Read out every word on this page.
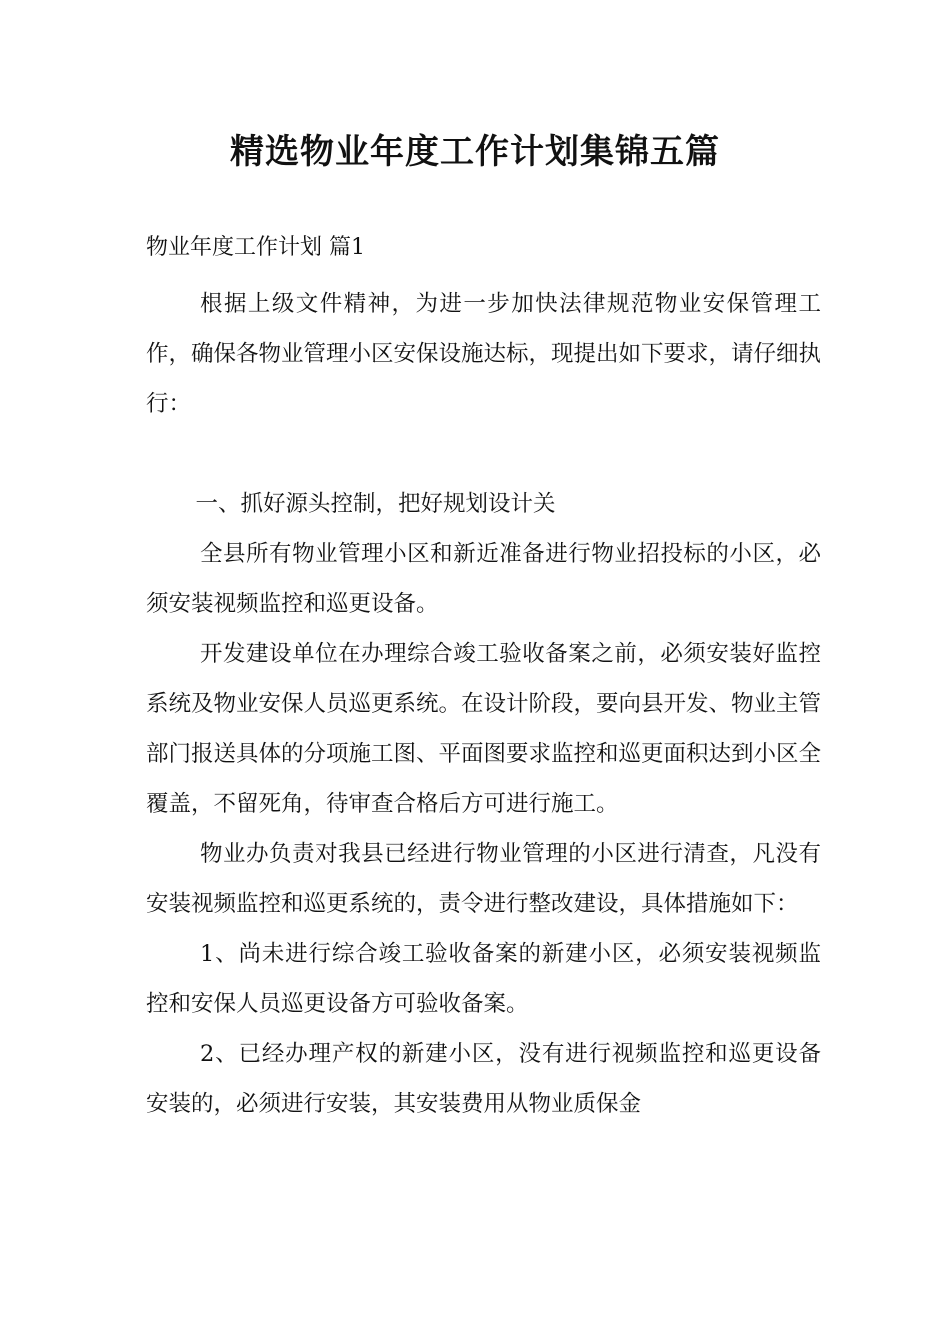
精选物业年度工作计划集锦五篇
物业年度工作计划 篇1

根据上级文件精神，为进一步加快法律规范物业安保管理工作，确保各物业管理小区安保设施达标，现提出如下要求，请仔细执行：

一、抓好源头控制，把好规划设计关

全县所有物业管理小区和新近准备进行物业招投标的小区，必须安装视频监控和巡更设备。

开发建设单位在办理综合竣工验收备案之前，必须安装好监控系统及物业安保人员巡更系统。在设计阶段，要向县开发、物业主管部门报送具体的分项施工图、平面图要求监控和巡更面积达到小区全覆盖，不留死角，待审查合格后方可进行施工。

物业办负责对我县已经进行物业管理的小区进行清查，凡没有安装视频监控和巡更系统的，责令进行整改建设，具体措施如下：

1、尚未进行综合竣工验收备案的新建小区，必须安装视频监控和安保人员巡更设备方可验收备案。

2、已经办理产权的新建小区，没有进行视频监控和巡更设备安装的，必须进行安装，其安装费用从物业质保金
